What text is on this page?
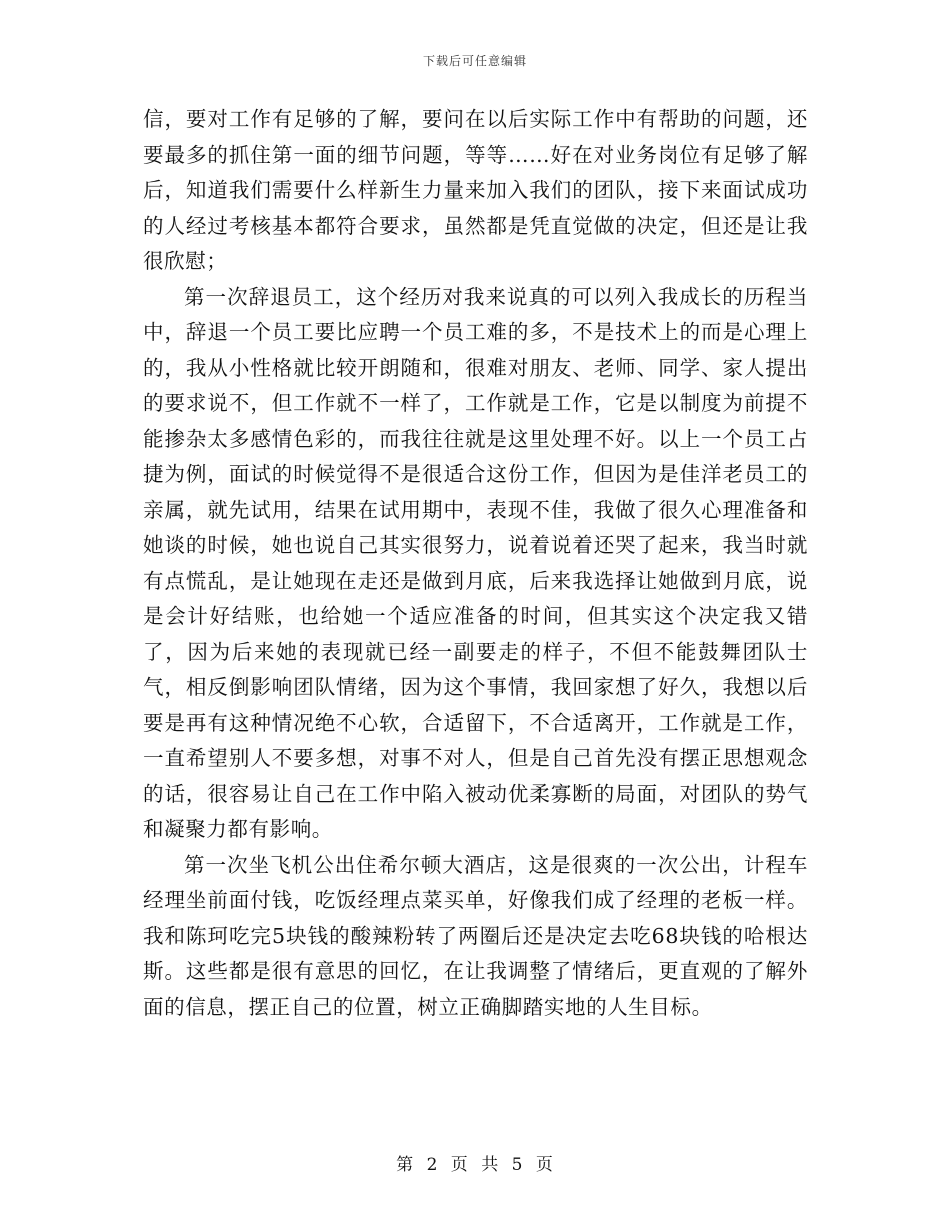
下载后可任意编辑

信，要对工作有足够的了解，要问在以后实际工作中有帮助的问题，还要最多的抓住第一面的细节问题，等等……好在对业务岗位有足够了解后，知道我们需要什么样新生力量来加入我们的团队，接下来面试成功的人经过考核基本都符合要求，虽然都是凭直觉做的决定，但还是让我很欣慰；

第一次辞退员工，这个经历对我来说真的可以列入我成长的历程当中，辞退一个员工要比应聘一个员工难的多，不是技术上的而是心理上的，我从小性格就比较开朗随和，很难对朋友、老师、同学、家人提出的要求说不，但工作就不一样了，工作就是工作，它是以制度为前提不能掺杂太多感情色彩的，而我往往就是这里处理不好。以上一个员工占捷为例，面试的时候觉得不是很适合这份工作，但因为是佳洋老员工的亲属，就先试用，结果在试用期中，表现不佳，我做了很久心理准备和她谈的时候，她也说自己其实很努力，说着说着还哭了起来，我当时就有点慌乱，是让她现在走还是做到月底，后来我选择让她做到月底，说是会计好结账，也给她一个适应准备的时间，但其实这个决定我又错了，因为后来她的表现就已经一副要走的样子，不但不能鼓舞团队士气，相反倒影响团队情绪，因为这个事情，我回家想了好久，我想以后要是再有这种情况绝不心软，合适留下，不合适离开，工作就是工作，一直希望别人不要多想，对事不对人，但是自己首先没有摆正思想观念的话，很容易让自己在工作中陷入被动优柔寡断的局面，对团队的势气和凝聚力都有影响。

第一次坐飞机公出住希尔顿大酒店，这是很爽的一次公出，计程车经理坐前面付钱，吃饭经理点菜买单，好像我们成了经理的老板一样。我和陈珂吃完5块钱的酸辣粉转了两圈后还是决定去吃68块钱的哈根达斯。这些都是很有意思的回忆，在让我调整了情绪后，更直观的了解外面的信息，摆正自己的位置，树立正确脚踏实地的人生目标。

第 2 页 共 5 页
